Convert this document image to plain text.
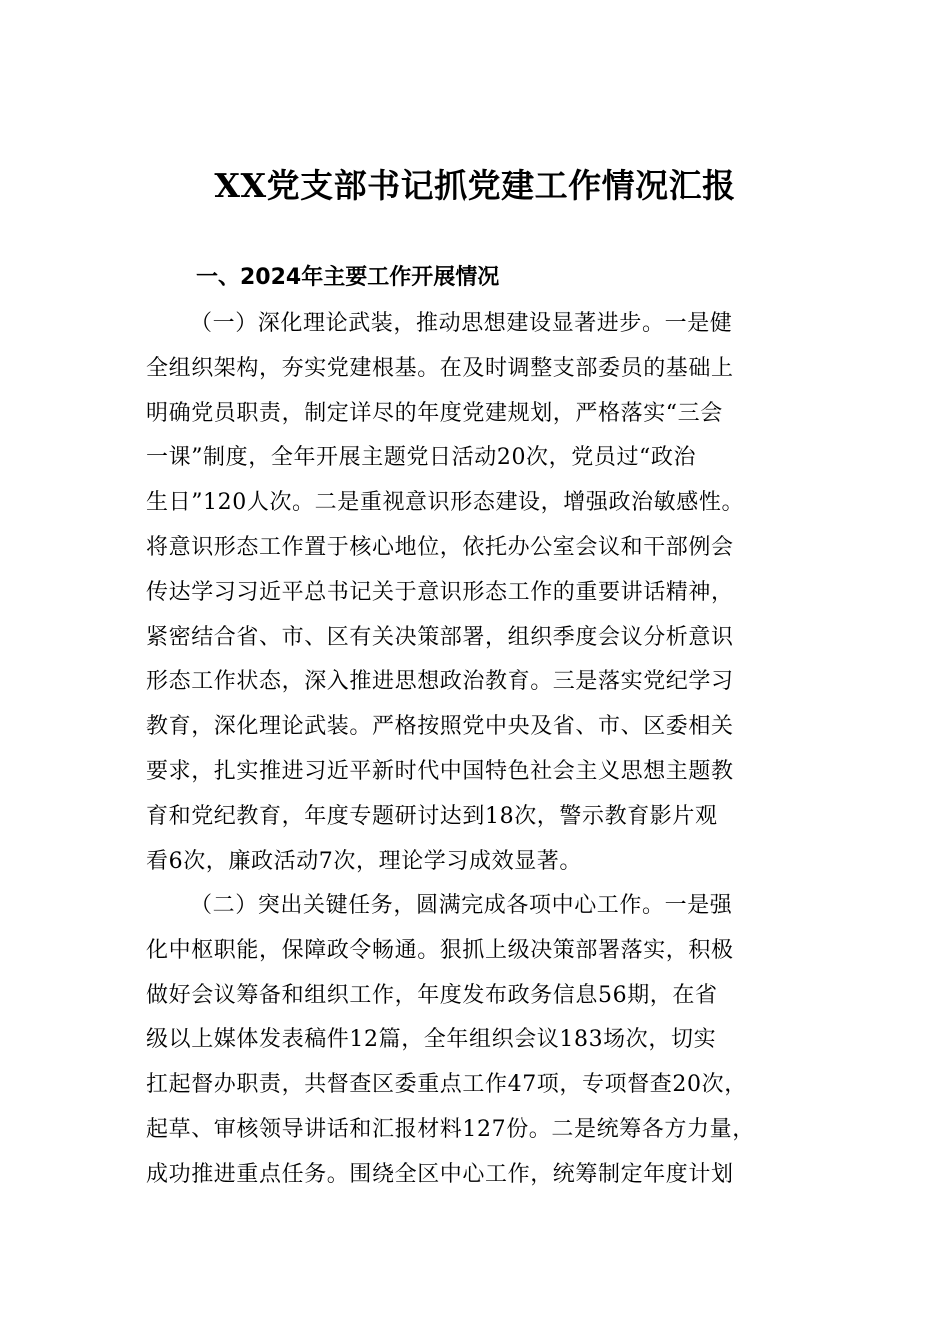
XX党支部书记抓党建工作情况汇报
一、2024年主要工作开展情况
（一）深化理论武装，推动思想建设显著进步。一是健
全组织架构，夯实党建根基。在及时调整支部委员的基础上
明确党员职责，制定详尽的年度党建规划，严格落实“三会
一课”制度，全年开展主题党日活动20次，党员过“政治
生日”120人次。二是重视意识形态建设，增强政治敏感性。
将意识形态工作置于核心地位，依托办公室会议和干部例会
传达学习习近平总书记关于意识形态工作的重要讲话精神，
紧密结合省、市、区有关决策部署，组织季度会议分析意识
形态工作状态，深入推进思想政治教育。三是落实党纪学习
教育，深化理论武装。严格按照党中央及省、市、区委相关
要求，扎实推进习近平新时代中国特色社会主义思想主题教
育和党纪教育，年度专题研讨达到18次，警示教育影片观
看6次，廉政活动7次，理论学习成效显著。
（二）突出关键任务，圆满完成各项中心工作。一是强
化中枢职能，保障政令畅通。狠抓上级决策部署落实，积极
做好会议筹备和组织工作，年度发布政务信息56期，在省
级以上媒体发表稿件12篇，全年组织会议183场次，切实
扛起督办职责，共督查区委重点工作47项，专项督查20次，
起草、审核领导讲话和汇报材料127份。二是统筹各方力量，
成功推进重点任务。围绕全区中心工作，统筹制定年度计划
